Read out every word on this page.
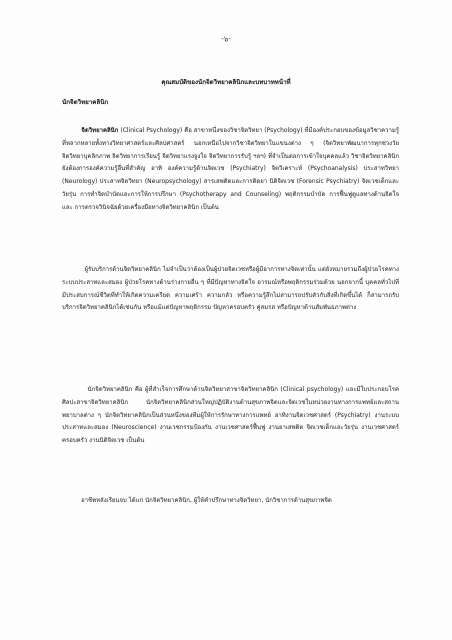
-๖-
คุณสมบัติของนักจิตวิทยาคลินิกและบทบาทหน้าที่
นักจิตวิทยาคลินิก
จิตวิทยาคลินิก (Clinical Psychology) คือ สาขาหนึ่งของวิชาจิตวิทยา (Psychology) ที่มีองค์ประกอบของข้อมูลวิชาความรู้ที่หลากหลายทั้งทางวิทยาศาสตร์และศิลปศาสตร์ นอกเหนือไปจากวิชาจิตวิทยาในแขนงต่าง ๆ (จิตวิทยาพัฒนาการทุกช่วงวัย จิตวิทยาบุคลิกภาพ จิตวิทยาการเรียนรู้ จิตวิทยาแรงจูงใจ จิตวิทยาการรับรู้ ฯลฯ) ที่จำเป็นต่อการเข้าใจบุคคลแล้ว วิชาจิตวิทยาคลินิกยังต้องการองค์ความรู้อื่นที่สำคัญ อาทิ องค์ความรู้ด้านจิตเวช (Psychiatry) จิตวิเคราะห์ (Psychoanalysis) ประสาทวิทยา (Neurology) ประสาทจิตวิทยา (Neuropsychology) สารเสพติดและการติดยา นิติจิตเวช (Forensic Psychiatry) จิตเวชเด็กและวัยรุ่น การทำจิตบำบัดและการให้การปรึกษา (Psychotherapy and Counseling) พฤติกรรมบำบัด การฟื้นฟูดูแลทางด้านจิตใจ และ การตรวจวินิจฉัยด้วยเครื่องมือทางจิตวิทยาคลินิก เป็นต้น
ผู้รับบริการด้านจิตวิทยาคลินิก ไม่จำเป็นว่าต้องเป็นผู้ป่วยจิตเวชหรือผู้มีอาการทางจิตเท่านั้น แต่ยังหมายรวมถึงผู้ป่วยโรคทางระบบประสาทและสมอง ผู้ป่วยโรคทางด้านร่างกายอื่น ๆ ที่มีปัญหาทางจิตใจ อารมณ์หรือพฤติกรรมร่วมด้วย นอกจากนี้ บุคคลทั่วไปที่มีประสบการณ์ชีวิตที่ทำให้เกิดความเครียด ความเศร้า ความกลัว หรือความรู้สึกไม่สามารถปรับตัวกับสิ่งที่เกิดขึ้นได้ ก็สามารถรับบริการจิตวิทยาคลินิกได้เช่นกัน หรือแม้แต่ปัญหาพฤติกรรม ปัญหาครอบครัว คู่สมรส หรือปัญหาด้านสัมพันธภาพต่าง
นักจิตวิทยาคลินิก คือ ผู้ที่สำเร็จการศึกษาด้านจิตวิทยาสาขาจิตวิทยาคลินิก (Clinical psychology) และมีใบประกอบโรคศิลปะสาขาจิตวิทยาคลินิก นักจิตวิทยาคลินิกส่วนใหญ่ปฏิบัติงานด้านสุขภาพจิตและจิตเวชในหน่วยงานทางการแพทย์และสถานพยาบาลต่าง ๆ นักจิตวิทยาคลินิกเป็นส่วนหนึ่งของทีมผู้ให้การรักษาทางการแพทย์ อาทิงานจิตเวชศาสตร์ (Psychiatry) งานระบบประสาทและสมอง (Neuroscience) งานเวชกรรมป้องกัน งานเวชศาสตร์ฟื้นฟู งานยาเสพติด จิตเวชเด็กและวัยรุ่น งานเวชศาสตร์ครอบครัว งานนิติจิตเวช เป็นต้น
อาชีพหลังเรียนจบ ได้แก่ นักจิตวิทยาคลินิก, ผู้ให้คำปรึกษาทางจิตวิทยา, นักวิชาการด้านสุขภาพจิต
